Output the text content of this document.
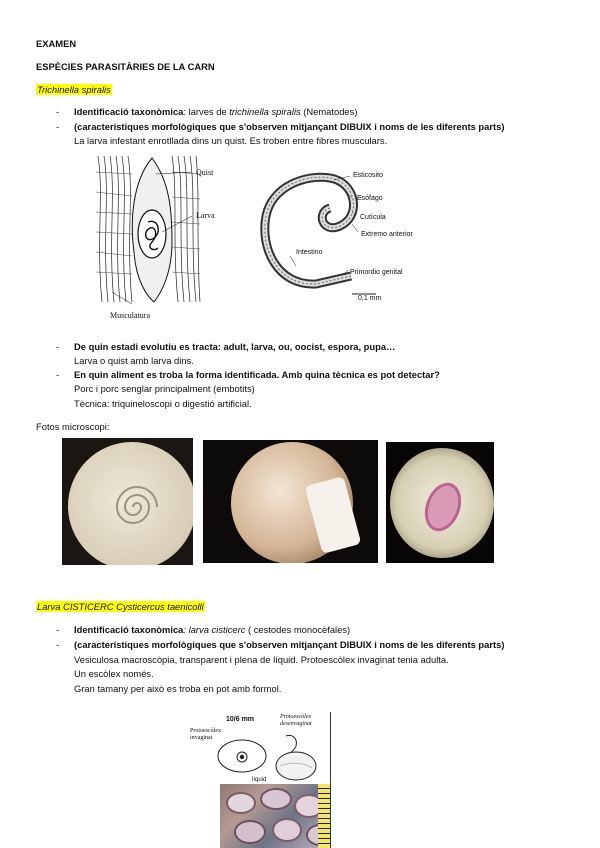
EXAMEN
ESPÈCIES PARASITÀRIES DE LA CARN
Trichinella spiralis
- Identificació taxonòmica: larves de trichinella spiralis (Nematodes)
- (característiques morfològiques que s'observen mitjançant DIBUIX i noms de les diferents parts)
La larva infestant enrotllada dins un quist. Es troben entre fibres musculars.
Quist
Larva
Musculatura
Esticosito
Esófago
Cutícula
Extremo anterior
Intestino
Primordio genital
0,1 mm
- De quin estadi evolutiu es tracta: adult, larva, ou, oocist, espora, pupa…
Larva o quist amb larva dins.
- En quin aliment es troba la forma identificada. Amb quina tècnica es pot detectar?
Porc i porc senglar principalment (embotits)
Tècnica: triquineloscopi o digestió artificial.
Fotos microscopi:
Larva CISTICERC Cysticercus taenicolli
- Identificació taxonòmica: larva cisticerc ( cestodes monocèfales)
- (característiques morfològiques que s'observen mitjançant DIBUIX i noms de les diferents parts)
Vesiculosa macroscòpia, transparent i plena de líquid. Protoescòlex invaginat tenia adulta.
Un escòlex només.
Gran tamany per això es troba en pot amb formol.
10/6 mm
Protoescòlex invaginat
Protoescòlex desenvaginat
líquid
